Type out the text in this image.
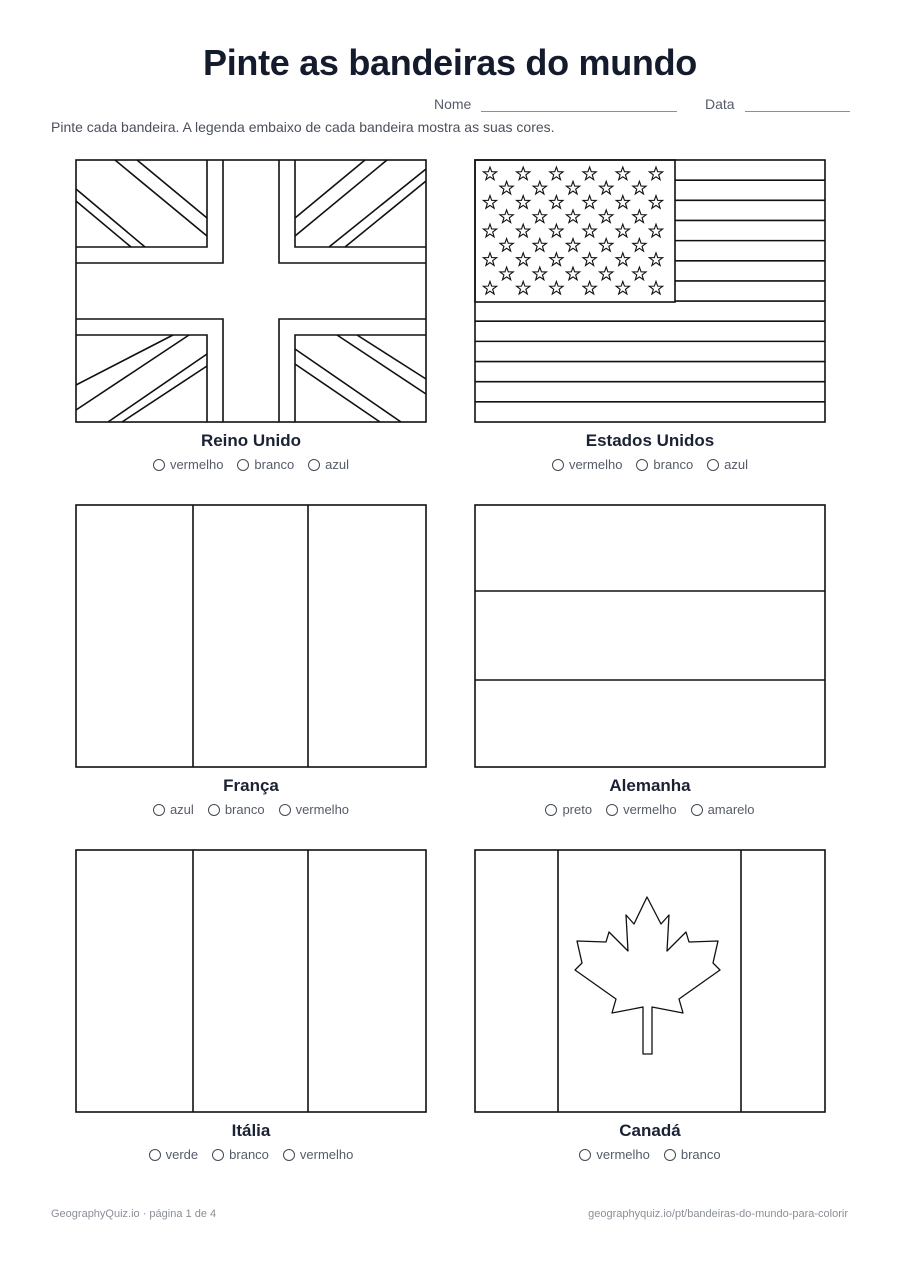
Pinte as bandeiras do mundo
Nome	Data
Pinte cada bandeira. A legenda embaixo de cada bandeira mostra as suas cores.
Reino Unido
vermelho branco azul
Estados Unidos
vermelho branco azul
França
azul branco vermelho
Alemanha
preto vermelho amarelo
Itália
verde branco vermelho
Canadá
vermelho branco
GeographyQuiz.io · página 1 de 4	geographyquiz.io/pt/bandeiras-do-mundo-para-colorir
